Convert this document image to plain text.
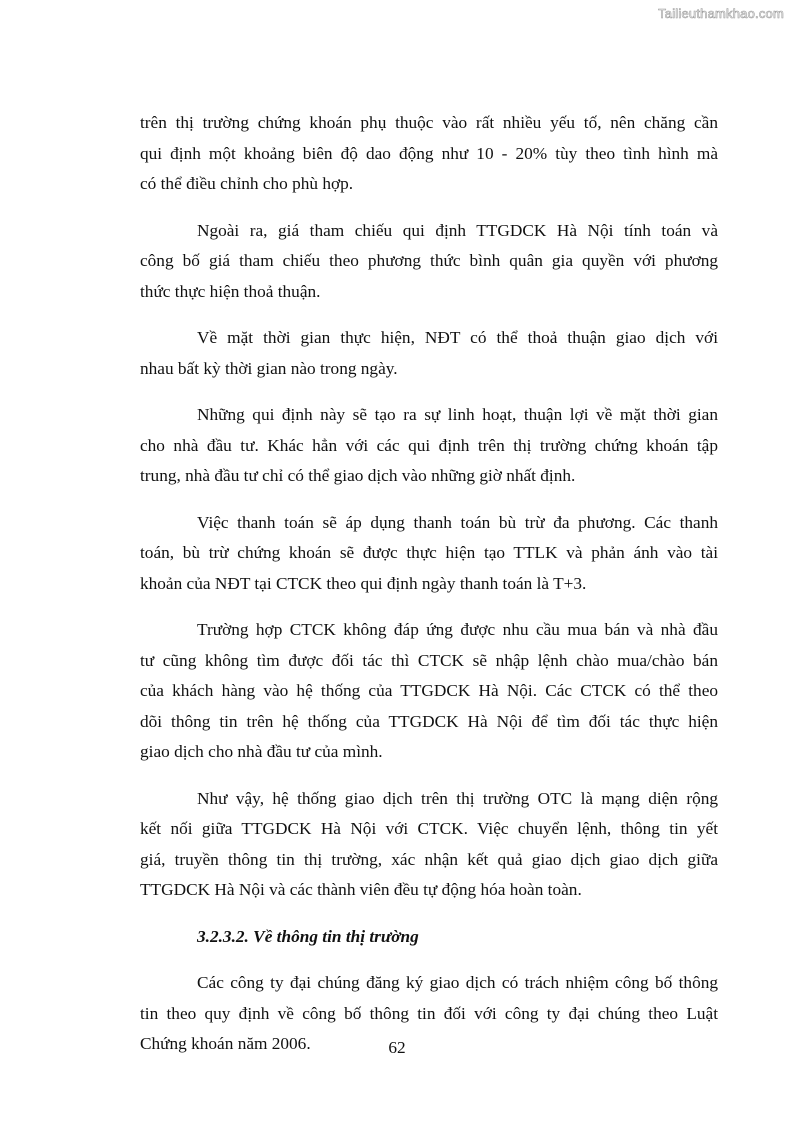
Tailieuthamkhao.com
trên thị trường chứng khoán phụ thuộc vào rất nhiều yếu tố, nên chăng cần
qui định một khoảng biên độ dao động như 10 - 20% tùy theo tình hình mà
có thể điều chỉnh cho phù hợp.
Ngoài ra, giá tham chiếu qui định TTGDCK Hà Nội tính toán và
công bố giá tham chiếu theo phương thức bình quân gia quyền với phương
thức thực hiện thoả thuận.
Về mặt thời gian thực hiện, NĐT có thể thoả thuận giao dịch với
nhau bất kỳ thời gian nào trong ngày.
Những qui định này sẽ tạo ra sự linh hoạt, thuận lợi về mặt thời gian
cho nhà đầu tư. Khác hẳn với các qui định trên thị trường chứng khoán tập
trung, nhà đầu tư chỉ có thể giao dịch vào những giờ nhất định.
Việc thanh toán sẽ áp dụng thanh toán bù trừ đa phương. Các thanh
toán, bù trừ chứng khoán sẽ được thực hiện tạo TTLK và phản ánh vào tài
khoản của NĐT tại CTCK theo qui định ngày thanh toán là T+3.
Trường hợp CTCK không đáp ứng được nhu cầu mua bán và nhà đầu
tư cũng không tìm được đối tác thì CTCK sẽ nhập lệnh chào mua/chào bán
của khách hàng vào hệ thống của TTGDCK Hà Nội. Các CTCK có thể theo
dõi thông tin trên hệ thống của TTGDCK Hà Nội để tìm đối tác thực hiện
giao dịch cho nhà đầu tư của mình.
Như vậy, hệ thống giao dịch trên thị trường OTC là mạng diện rộng
kết nối giữa TTGDCK Hà Nội với CTCK. Việc chuyển lệnh, thông tin yết
giá, truyền thông tin thị trường, xác nhận kết quả giao dịch giao dịch giữa
TTGDCK Hà Nội và các thành viên đều tự động hóa hoàn toàn.
3.2.3.2. Về thông tin thị trường
Các công ty đại chúng đăng ký giao dịch có trách nhiệm công bố thông
tin theo quy định về công bố thông tin đối với công ty đại chúng theo Luật
Chứng khoán năm 2006.	62
